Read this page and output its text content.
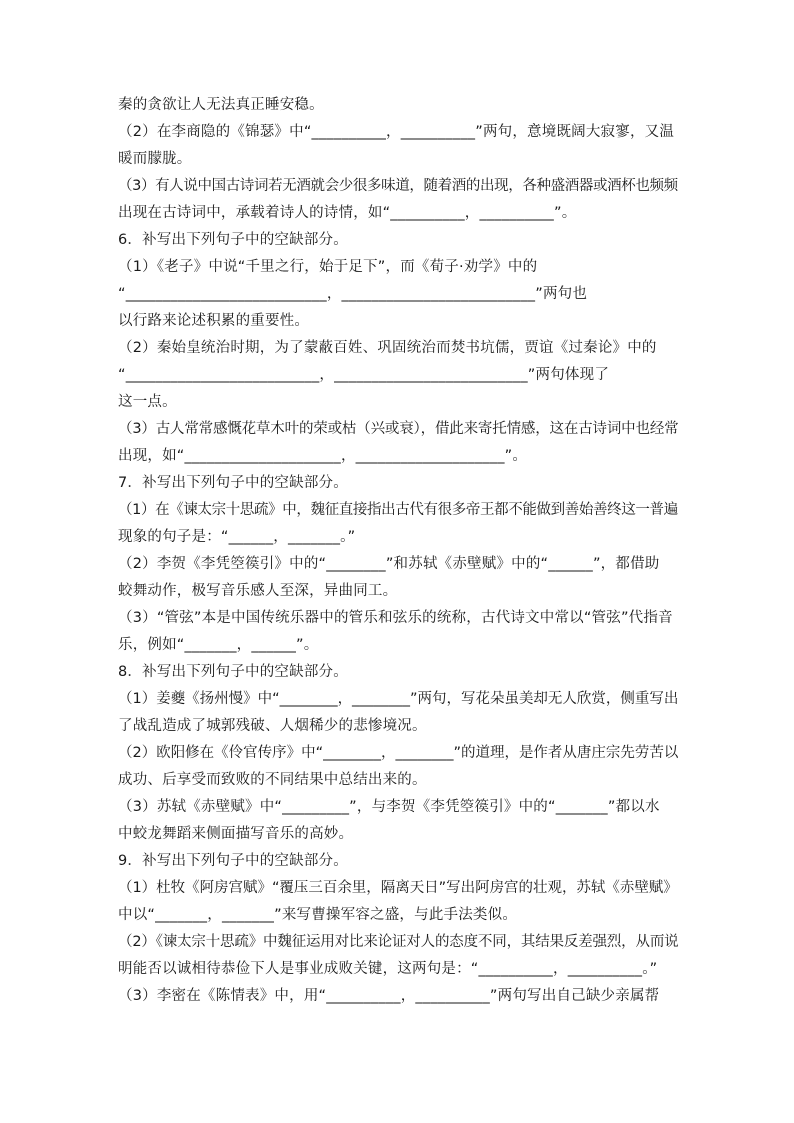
秦的贪欲让人无法真正睡安稳。
（2）在李商隐的《锦瑟》中“__________，__________”两句，意境既阔大寂寥，又温
暖而朦胧。
（3）有人说中国古诗词若无酒就会少很多味道，随着酒的出现，各种盛酒器或酒杯也频频
出现在古诗词中，承载着诗人的诗情，如“__________，__________”。
6．补写出下列句子中的空缺部分。
（1）《老子》中说“千里之行，始于足下”，而《荀子·劝学》中的
“___________________________，__________________________”两句也
以行路来论述积累的重要性。
（2）秦始皇统治时期，为了蒙蔽百姓、巩固统治而焚书坑儒，贾谊《过秦论》中的
“__________________________，__________________________”两句体现了
这一点。
（3）古人常常感慨花草木叶的荣或枯（兴或衰），借此来寄托情感，这在古诗词中也经常
出现，如“_____________________，____________________”。
7．补写出下列句子中的空缺部分。
（1）在《谏太宗十思疏》中，魏征直接指出古代有很多帝王都不能做到善始善终这一普遍
现象的句子是：“______，_______。”
（2）李贺《李凭箜篌引》中的“________”和苏轼《赤壁赋》中的“______”，都借助
蛟舞动作，极写音乐感人至深，异曲同工。
（3）“管弦”本是中国传统乐器中的管乐和弦乐的统称，古代诗文中常以“管弦”代指音
乐，例如“_______，______”。
8．补写出下列句子中的空缺部分。
（1）姜夔《扬州慢》中“________，________”两句，写花朵虽美却无人欣赏，侧重写出
了战乱造成了城郭残破、人烟稀少的悲惨境况。
（2）欧阳修在《伶官传序》中“________，________”的道理，是作者从唐庄宗先劳苦以
成功、后享受而致败的不同结果中总结出来的。
（3）苏轼《赤壁赋》中“_________”，与李贺《李凭箜篌引》中的“_______”都以水
中蛟龙舞蹈来侧面描写音乐的高妙。
9．补写出下列句子中的空缺部分。
（1）杜牧《阿房宫赋》“覆压三百余里，隔离天日”写出阿房宫的壮观，苏轼《赤壁赋》
中以“_______，_______”来写曹操军容之盛，与此手法类似。
（2）《谏太宗十思疏》中魏征运用对比来论证对人的态度不同，其结果反差强烈，从而说
明能否以诚相待恭俭下人是事业成败关键，这两句是：“__________，__________。”
（3）李密在《陈情表》中，用“__________，__________”两句写出自己缺少亲属帮
